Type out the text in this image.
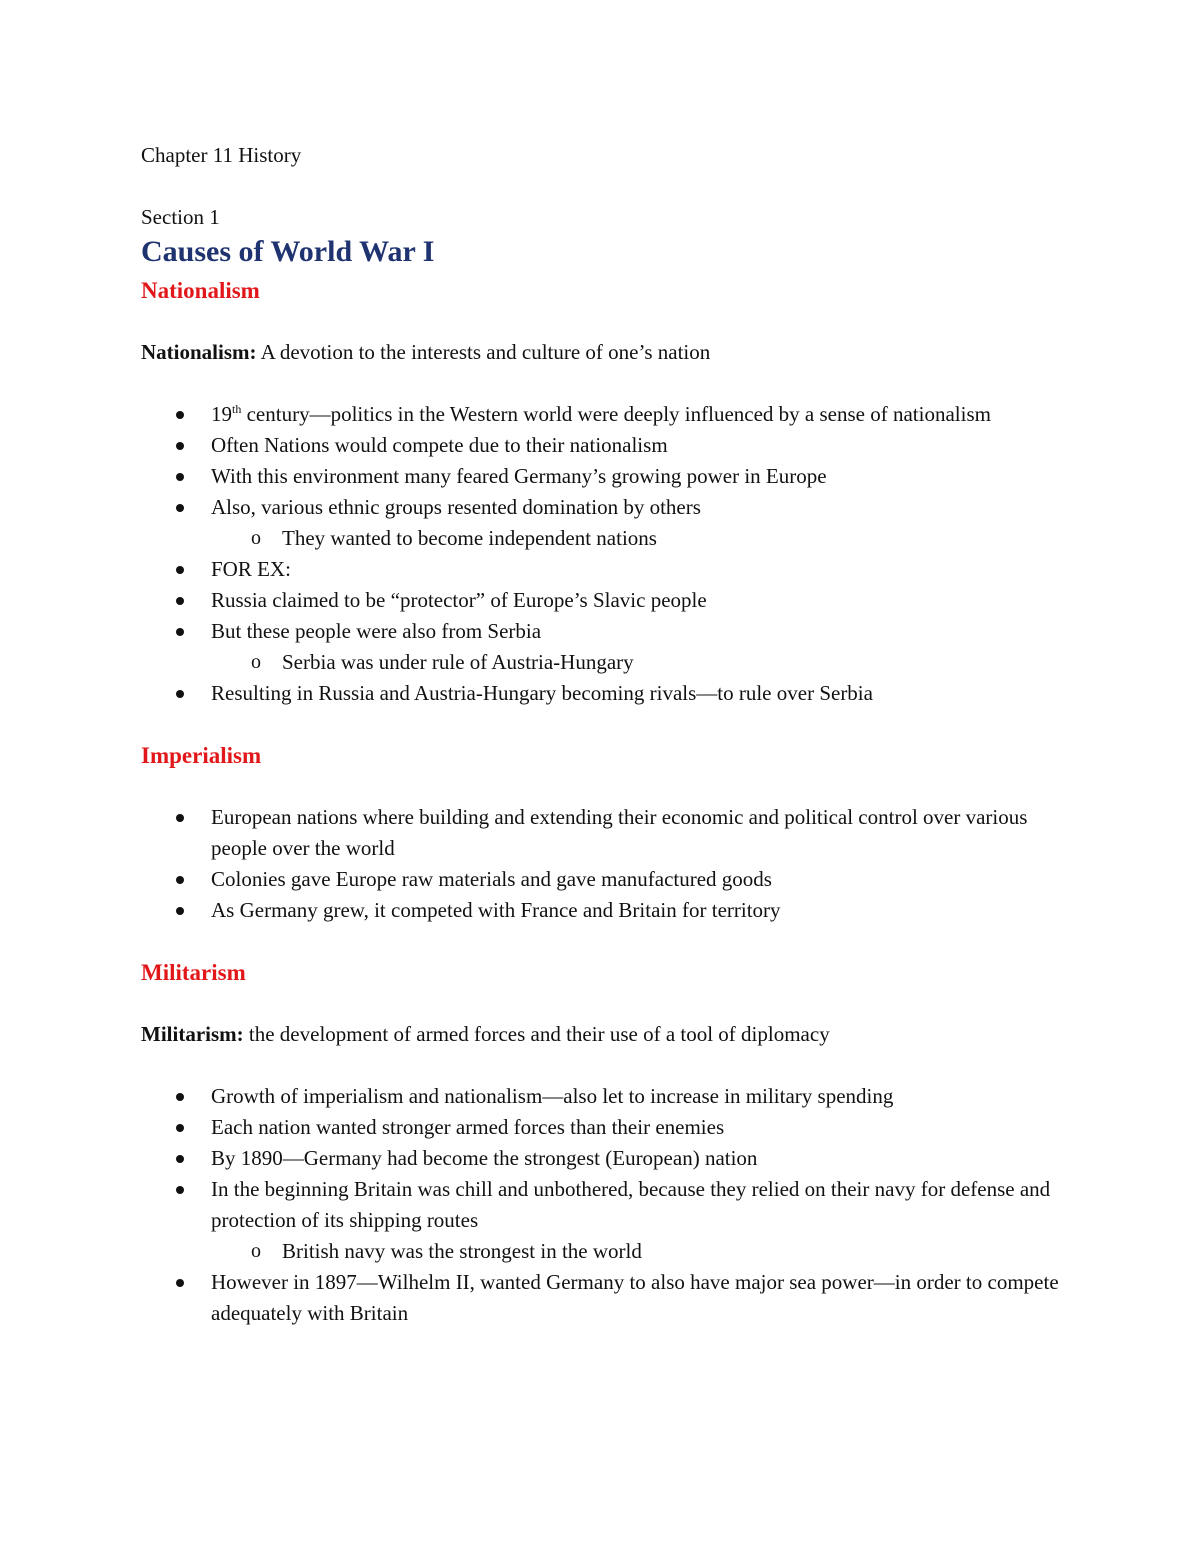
Chapter 11 History

Section 1

Causes of World War I
Nationalism

Nationalism: A devotion to the interests and culture of one’s nation

19th century—politics in the Western world were deeply influenced by a sense of nationalism
Often Nations would compete due to their nationalism
With this environment many feared Germany’s growing power in Europe
Also, various ethnic groups resented domination by others
o They wanted to become independent nations
FOR EX:
Russia claimed to be “protector” of Europe’s Slavic people
But these people were also from Serbia
o Serbia was under rule of Austria-Hungary
Resulting in Russia and Austria-Hungary becoming rivals—to rule over Serbia
Imperialism
European nations where building and extending their economic and political control over various people over the world
Colonies gave Europe raw materials and gave manufactured goods
As Germany grew, it competed with France and Britain for territory
Militarism

Militarism: the development of armed forces and their use of a tool of diplomacy

Growth of imperialism and nationalism—also let to increase in military spending
Each nation wanted stronger armed forces than their enemies
By 1890—Germany had become the strongest (European) nation
In the beginning Britain was chill and unbothered, because they relied on their navy for defense and protection of its shipping routes
o British navy was the strongest in the world
However in 1897—Wilhelm II, wanted Germany to also have major sea power—in order to compete adequately with Britain
